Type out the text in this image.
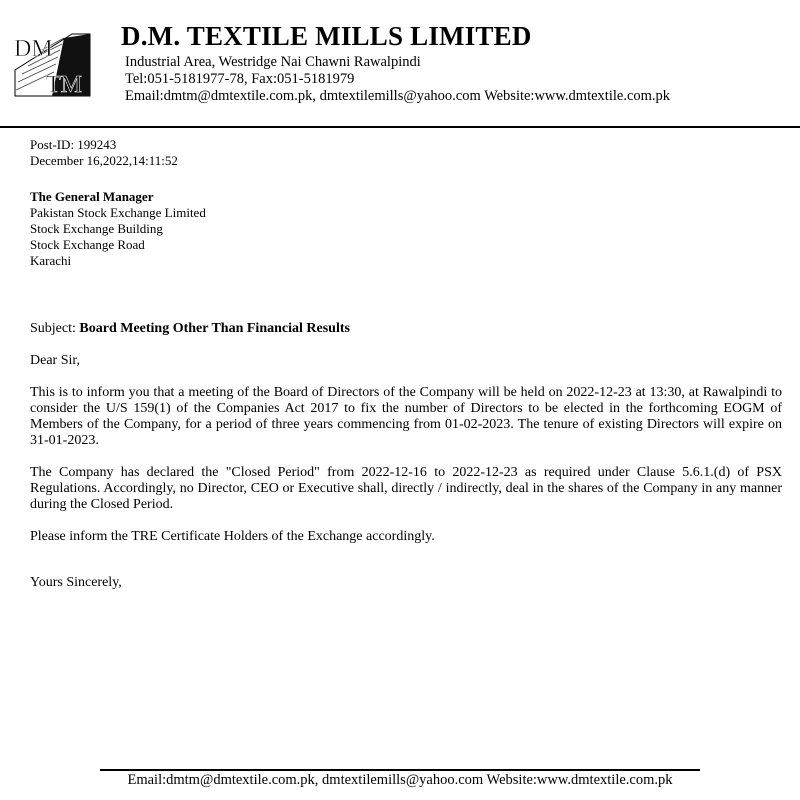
DM
TM
D.M. TEXTILE MILLS LIMITED
Industrial Area, Westridge Nai Chawni Rawalpindi
Tel:051-5181977-78, Fax:051-5181979
Email:dmtm@dmtextile.com.pk, dmtextilemills@yahoo.com Website:www.dmtextile.com.pk
Post-ID: 199243
December 16,2022,14:11:52
The General Manager
Pakistan Stock Exchange Limited
Stock Exchange Building
Stock Exchange Road
Karachi
Subject: Board Meeting Other Than Financial Results
Dear Sir,

This is to inform you that a meeting of the Board of Directors of the Company will be held on 2022-12-23 at 13:30, at Rawalpindi to consider the U/S 159(1) of the Companies Act 2017 to fix the number of Directors to be elected in the forthcoming EOGM of Members of the Company, for a period of three years commencing from 01-02-2023. The tenure of existing Directors will expire on 31-01-2023.

The Company has declared the "Closed Period" from 2022-12-16 to 2022-12-23 as required under Clause 5.6.1.(d) of PSX Regulations. Accordingly, no Director, CEO or Executive shall, directly / indirectly, deal in the shares of the Company in any manner during the Closed Period.

Please inform the TRE Certificate Holders of the Exchange accordingly.

Yours Sincerely,
Email:dmtm@dmtextile.com.pk, dmtextilemills@yahoo.com Website:www.dmtextile.com.pk
